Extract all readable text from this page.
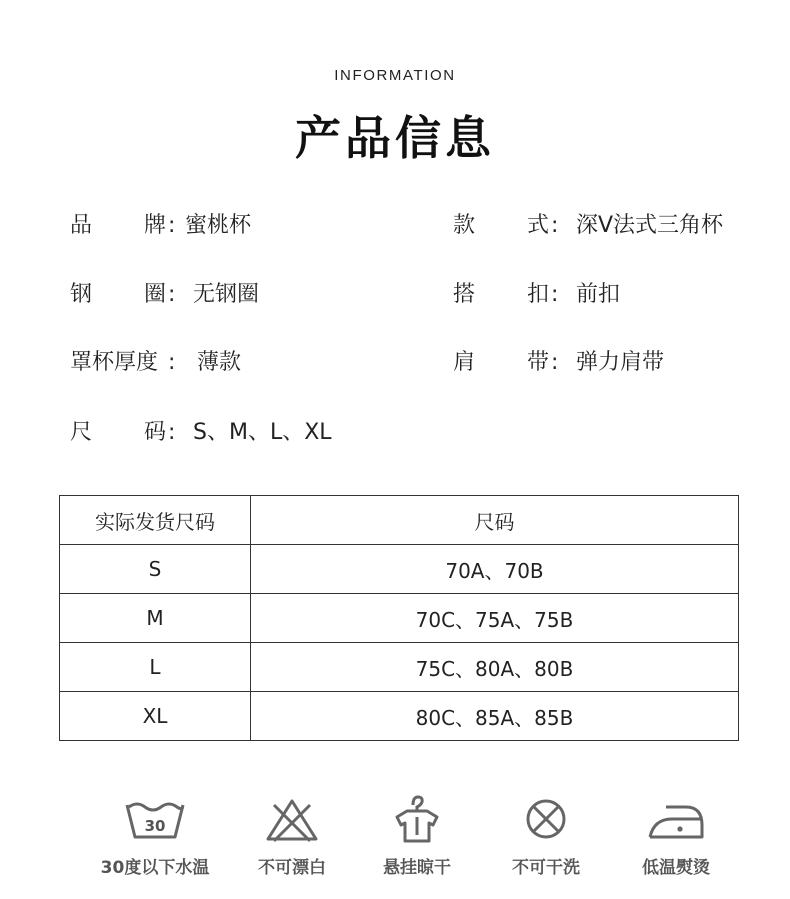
INFORMATION
产品信息
品 牌 : 蜜桃杯	款 式 : 深V法式三角杯
钢 圈 : 无钢圈	搭 扣 : 前扣
罩杯厚度 : 薄款	肩 带 : 弹力肩带
尺 码 : S、M、L、XL
实际发货尺码	尺码
S	70A、70B
M	70C、75A、75B
L	75C、80A、80B
XL	80C、85A、85B
30
30度以下水温	不可漂白	悬挂晾干	不可干洗	低温熨烫
